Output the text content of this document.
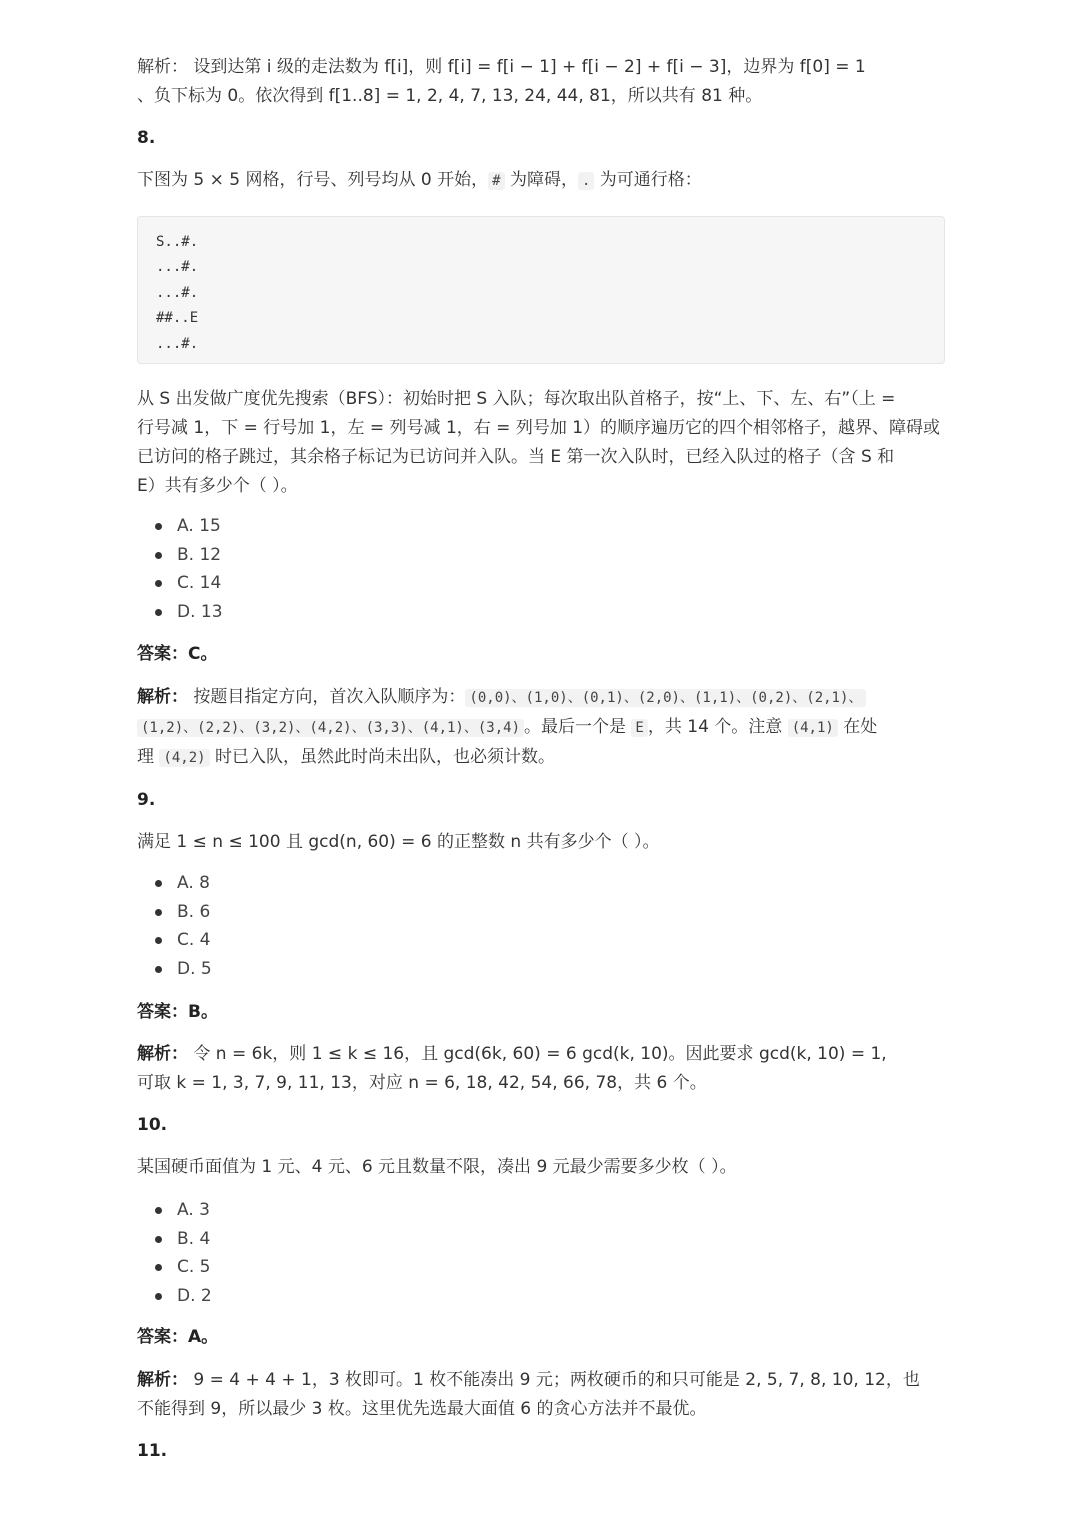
解析： 设到达第 i 级的走法数为 f[i]，则 f[i] = f[i − 1] + f[i − 2] + f[i − 3]，边界为 f[0] = 1
、负下标为 0。依次得到 f[1..8] = 1, 2, 4, 7, 13, 24, 44, 81，所以共有 81 种。
8.
下图为 5 × 5 网格，行号、列号均从 0 开始， # 为障碍， . 为可通行格：
S..#.
...#.
...#.
##..E
...#.
从 S 出发做广度优先搜索（BFS）：初始时把 S 入队；每次取出队首格子，按“上、下、左、右”（上 =
行号减 1，下 = 行号加 1，左 = 列号减 1，右 = 列号加 1）的顺序遍历它的四个相邻格子，越界、障碍或
已访问的格子跳过，其余格子标记为已访问并入队。当 E 第一次入队时，已经入队过的格子（含 S 和
E）共有多少个（ ）。
A. 15
B. 12
C. 14
D. 13
答案：C。
解析： 按题目指定方向，首次入队顺序为： (0,0)、(1,0)、(0,1)、(2,0)、(1,1)、(0,2)、(2,1)、
(1,2)、(2,2)、(3,2)、(4,2)、(3,3)、(4,1)、(3,4) 。最后一个是 E ，共 14 个。注意 (4,1) 在处
理 (4,2) 时已入队，虽然此时尚未出队，也必须计数。
9.
满足 1 ≤ n ≤ 100 且 gcd(n, 60) = 6 的正整数 n 共有多少个（ ）。
A. 8
B. 6
C. 4
D. 5
答案：B。
解析： 令 n = 6k，则 1 ≤ k ≤ 16，且 gcd(6k, 60) = 6 gcd(k, 10)。因此要求 gcd(k, 10) = 1,
可取 k = 1, 3, 7, 9, 11, 13，对应 n = 6, 18, 42, 54, 66, 78，共 6 个。
10.
某国硬币面值为 1 元、4 元、6 元且数量不限，凑出 9 元最少需要多少枚（ ）。
A. 3
B. 4
C. 5
D. 2
答案：A。
解析： 9 = 4 + 4 + 1，3 枚即可。1 枚不能凑出 9 元；两枚硬币的和只可能是 2, 5, 7, 8, 10, 12，也
不能得到 9，所以最少 3 枚。这里优先选最大面值 6 的贪心方法并不最优。
11.
